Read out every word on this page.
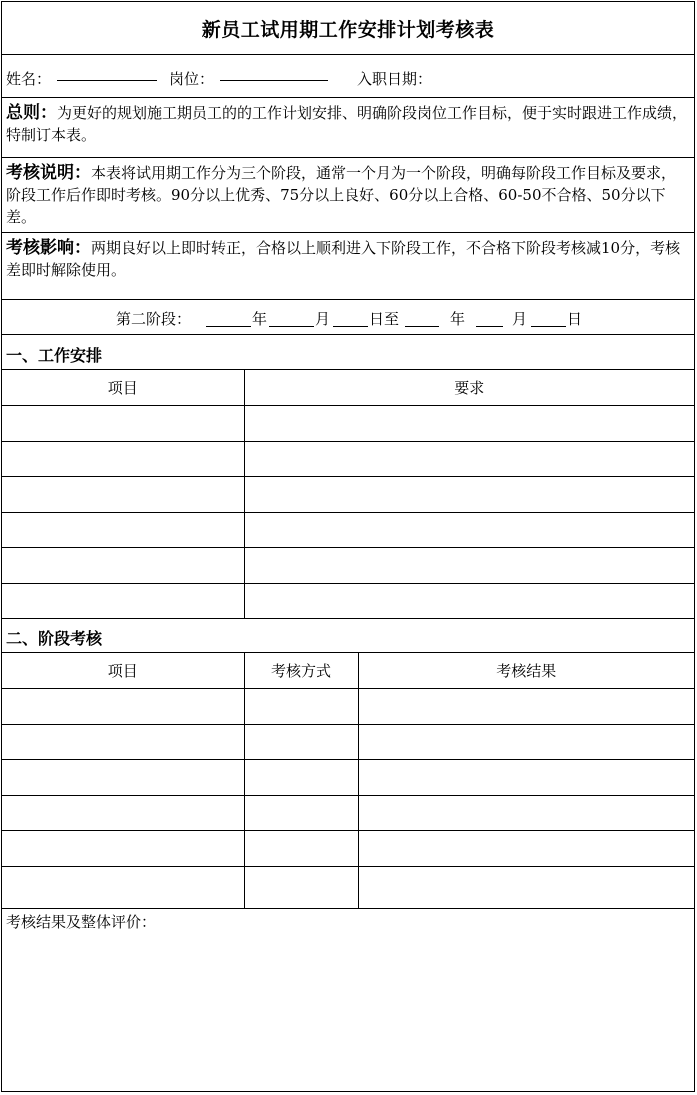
新员工试用期工作安排计划考核表
姓名：	岗位：	入职日期：
总则：为更好的规划施工期员工的的工作计划安排、明确阶段岗位工作目标，便于实时跟进工作成绩，特制订本表。
考核说明：本表将试用期工作分为三个阶段，通常一个月为一个阶段，明确每阶段工作目标及要求，阶段工作后作即时考核。90分以上优秀、75分以上良好、60分以上合格、60-50不合格、50分以下差。
考核影响：两期良好以上即时转正，合格以上顺利进入下阶段工作，不合格下阶段考核减10分，考核差即时解除使用。
第二阶段：	年	月	日至	年	月	日
一、工作安排
项目	要求

二、阶段考核
项目	考核方式	考核结果

考核结果及整体评价：
